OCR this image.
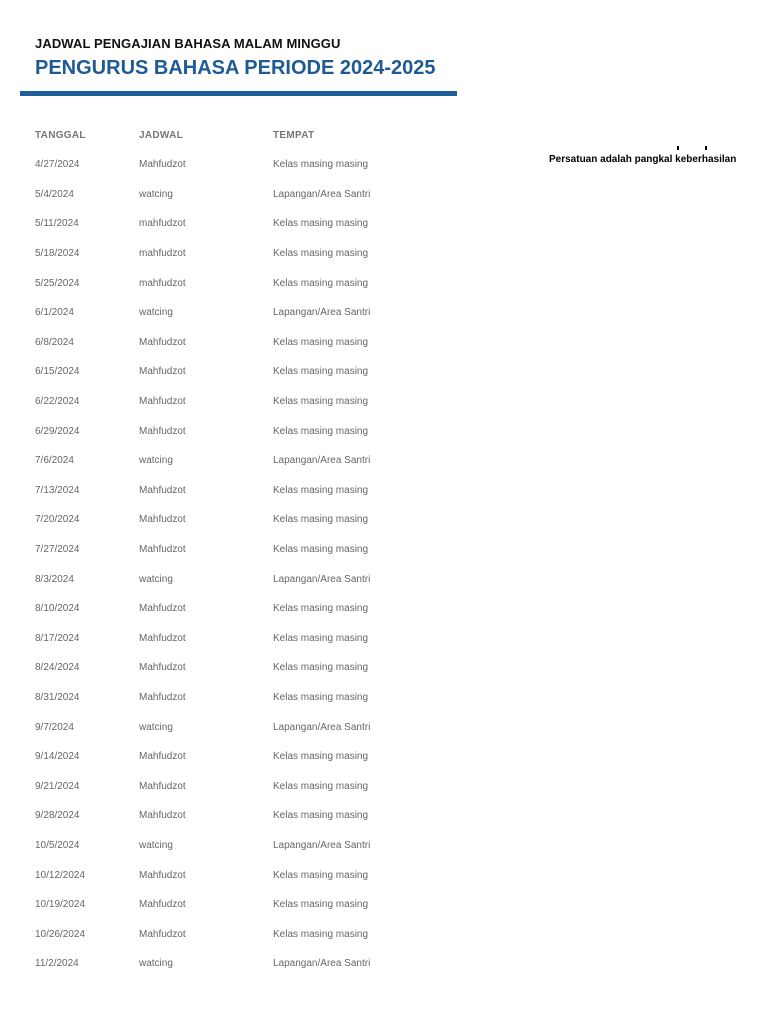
JADWAL PENGAJIAN BAHASA MALAM MINGGU
PENGURUS BAHASA PERIODE 2024-2025
Persatuan adalah pangkal keberhasilan
TANGGAL	JADWAL	TEMPAT
4/27/2024	Mahfudzot	Kelas masing masing
5/4/2024	watcing	Lapangan/Area Santri
5/11/2024	mahfudzot	Kelas masing masing
5/18/2024	mahfudzot	Kelas masing masing
5/25/2024	mahfudzot	Kelas masing masing
6/1/2024	watcing	Lapangan/Area Santri
6/8/2024	Mahfudzot	Kelas masing masing
6/15/2024	Mahfudzot	Kelas masing masing
6/22/2024	Mahfudzot	Kelas masing masing
6/29/2024	Mahfudzot	Kelas masing masing
7/6/2024	watcing	Lapangan/Area Santri
7/13/2024	Mahfudzot	Kelas masing masing
7/20/2024	Mahfudzot	Kelas masing masing
7/27/2024	Mahfudzot	Kelas masing masing
8/3/2024	watcing	Lapangan/Area Santri
8/10/2024	Mahfudzot	Kelas masing masing
8/17/2024	Mahfudzot	Kelas masing masing
8/24/2024	Mahfudzot	Kelas masing masing
8/31/2024	Mahfudzot	Kelas masing masing
9/7/2024	watcing	Lapangan/Area Santri
9/14/2024	Mahfudzot	Kelas masing masing
9/21/2024	Mahfudzot	Kelas masing masing
9/28/2024	Mahfudzot	Kelas masing masing
10/5/2024	watcing	Lapangan/Area Santri
10/12/2024	Mahfudzot	Kelas masing masing
10/19/2024	Mahfudzot	Kelas masing masing
10/26/2024	Mahfudzot	Kelas masing masing
11/2/2024	watcing	Lapangan/Area Santri
